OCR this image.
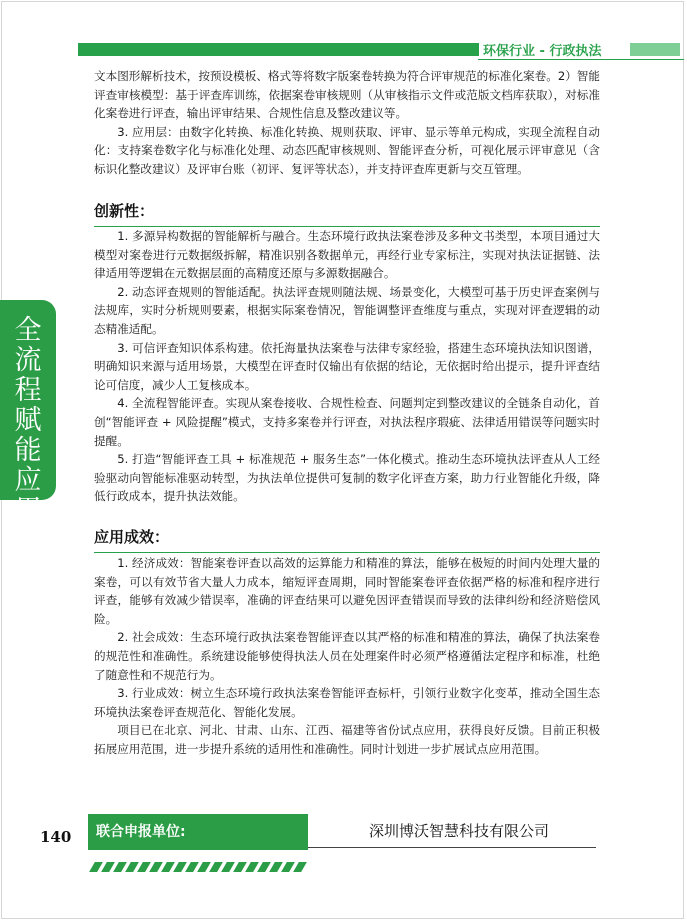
环保行业 - 行政执法
全流程赋能应用

文本图形解析技术，按预设模板、格式等将数字版案卷转换为符合评审规范的标准化案卷。2）智能评查审核模型：基于评查库训练，依据案卷审核规则（从审核指示文件或范版文档库获取），对标准化案卷进行评查，输出评审结果、合规性信息及整改建议等。

3. 应用层：由数字化转换、标准化转换、规则获取、评审、显示等单元构成，实现全流程自动化：支持案卷数字化与标准化处理、动态匹配审核规则、智能评查分析，可视化展示评审意见（含标识化整改建议）及评审台账（初评、复评等状态），并支持评查库更新与交互管理。

创新性：

1. 多源异构数据的智能解析与融合。生态环境行政执法案卷涉及多种文书类型，本项目通过大模型对案卷进行元数据级拆解，精准识别各数据单元，再经行业专家标注，实现对执法证据链、法律适用等逻辑在元数据层面的高精度还原与多源数据融合。

2. 动态评查规则的智能适配。执法评查规则随法规、场景变化，大模型可基于历史评查案例与法规库，实时分析规则要素，根据实际案卷情况，智能调整评查维度与重点，实现对评查逻辑的动态精准适配。

3. 可信评查知识体系构建。依托海量执法案卷与法律专家经验，搭建生态环境执法知识图谱，明确知识来源与适用场景，大模型在评查时仅输出有依据的结论，无依据时给出提示，提升评查结论可信度，减少人工复核成本。

4. 全流程智能评查。实现从案卷接收、合规性检查、问题判定到整改建议的全链条自动化，首创“智能评查 + 风险提醒”模式，支持多案卷并行评查，对执法程序瑕疵、法律适用错误等问题实时提醒。

5. 打造“智能评查工具 + 标准规范 + 服务生态”一体化模式。推动生态环境执法评查从人工经验驱动向智能标准驱动转型，为执法单位提供可复制的数字化评查方案，助力行业智能化升级，降低行政成本，提升执法效能。

应用成效：

1. 经济成效：智能案卷评查以高效的运算能力和精准的算法，能够在极短的时间内处理大量的案卷，可以有效节省大量人力成本，缩短评查周期，同时智能案卷评查依据严格的标准和程序进行评查，能够有效减少错误率，准确的评查结果可以避免因评查错误而导致的法律纠纷和经济赔偿风险。

2. 社会成效：生态环境行政执法案卷智能评查以其严格的标准和精准的算法，确保了执法案卷的规范性和准确性。系统建设能够使得执法人员在处理案件时必须严格遵循法定程序和标准，杜绝了随意性和不规范行为。

3. 行业成效：树立生态环境行政执法案卷智能评查标杆，引领行业数字化变革，推动全国生态环境执法案卷评查规范化、智能化发展。

项目已在北京、河北、甘肃、山东、江西、福建等省份试点应用，获得良好反馈。目前正积极拓展应用范围，进一步提升系统的适用性和准确性。同时计划进一步扩展试点应用范围。

140 联合申报单位:	深圳博沃智慧科技有限公司
